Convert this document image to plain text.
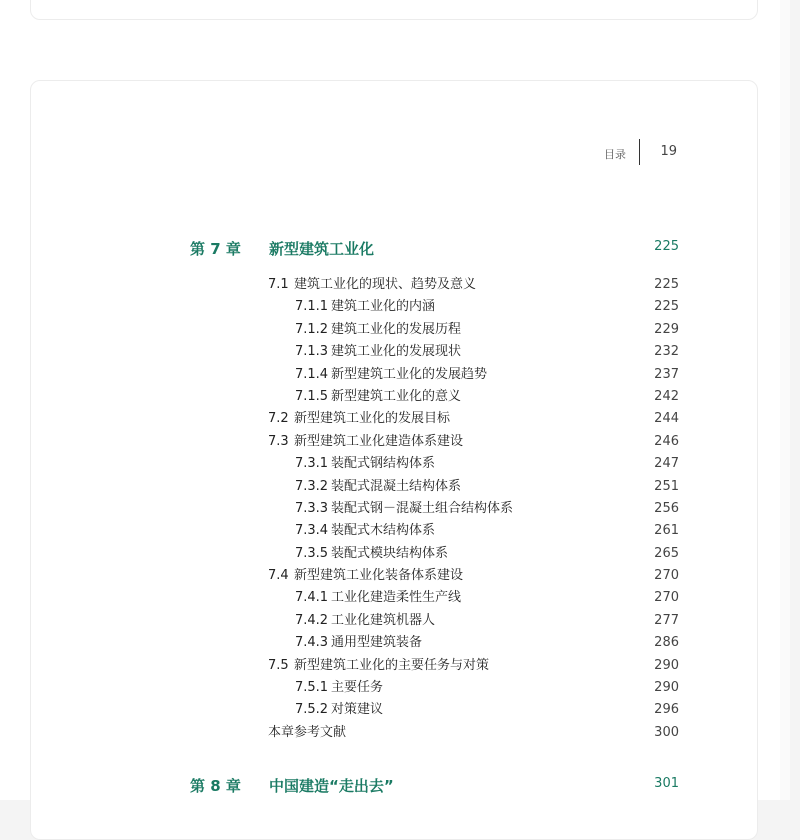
目录	19
第 7 章 新型建筑工业化	225
7.1 建筑工业化的现状、趋势及意义	225
7.1.1 建筑工业化的内涵	225
7.1.2 建筑工业化的发展历程	229
7.1.3 建筑工业化的发展现状	232
7.1.4 新型建筑工业化的发展趋势	237
7.1.5 新型建筑工业化的意义	242
7.2 新型建筑工业化的发展目标	244
7.3 新型建筑工业化建造体系建设	246
7.3.1 装配式钢结构体系	247
7.3.2 装配式混凝土结构体系	251
7.3.3 装配式钢－混凝土组合结构体系	256
7.3.4 装配式木结构体系	261
7.3.5 装配式模块结构体系	265
7.4 新型建筑工业化装备体系建设	270
7.4.1 工业化建造柔性生产线	270
7.4.2 工业化建筑机器人	277
7.4.3 通用型建筑装备	286
7.5 新型建筑工业化的主要任务与对策	290
7.5.1 主要任务	290
7.5.2 对策建议	296
本章参考文献	300
第 8 章 中国建造“走出去”	301
